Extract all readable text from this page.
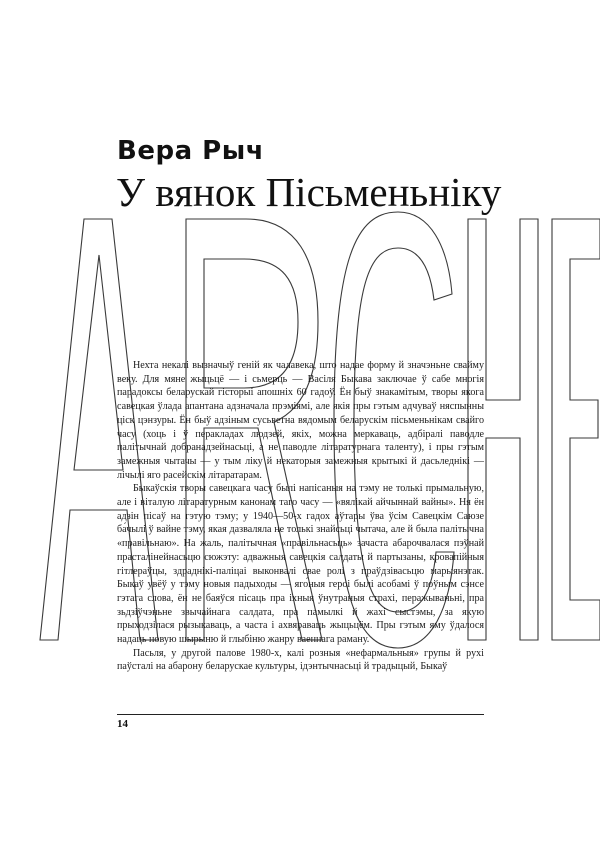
Вера Рыч
У вянок Пісьменьніку

Нехта некалі вызначыў геній як чалавека, што надае форму й значэньне свайму веку. Для мяне жыцьцё — і сьмерць — Васіля Быкава заключае ў сабе многія парадоксы беларускай гісторыі апошніх 60 гадоў. Ён быў знакамітым, творы якога савецкая ўлада апантана адзначала прэміямі, але якія пры гэтым адчуваў няспынны ціск цэнзуры. Ён быў адзіным сусьветна вядомым беларускім пісьменьнікам свайго часу (хоць і ў перакладах людзей, якіх, можна меркаваць, адбіралі паводле палітычнай добранадзейнасьці, а не паводле літаратурнага таленту), і пры гэтым замежныя чытачы — у тым ліку й некаторыя замежныя крытыкі й дасьледнікі — лічылі яго расейскім літаратарам.

Быкаўскія творы савецкага часу былі напісаныя на тэму не толькі прымальную, але і віталую літаратурным канонам таго часу — «вялікай айчыннай вайны». Ня ён адзін пісаў на гэтую тэму; у 1940—50-х гадох аўтары ўва ўсім Савецкім Саюзе ба́чылі ў вайне тэму, якая дазвалялa не толькі знайсьці чытача, але й была палітычна «правільнаю». На жаль, палітычная «правільнасьць» зачаста абарочвалася пэўнай прасталінейнасьцю сюжэту: адважныя савецкія салдаты й партызаны, кровапійныя гітлераўцы, здраднікі-паліцаі выконвалі свае ролі з праўдзівасьцю марыянэтак. Быкаў увёў у тэму новыя падыходы — яго́ныя героі былі асобамі ў поўным сэнсе гэтага слова, ён не баяўся пісаць пра іхныя ўнутраныя страхі, перажываньні, пра зьдзіўчэньне звычайнага салдата, пра памылкі й жахі сыстэмы, за якую прыходзілася рызыкаваць, а часта і ахвяраваць жыцьцём. Пры гэтым яму ўдалося надаць новую шырыню й глыбіню жанру ваеннага раману.

Пасьля, у другой палове 1980-х, калі розныя «нефармальныя» групы й рухі паўсталі на абарону беларускае культуры, ідэнтычнасьці й традыцый, Быкаў

14
